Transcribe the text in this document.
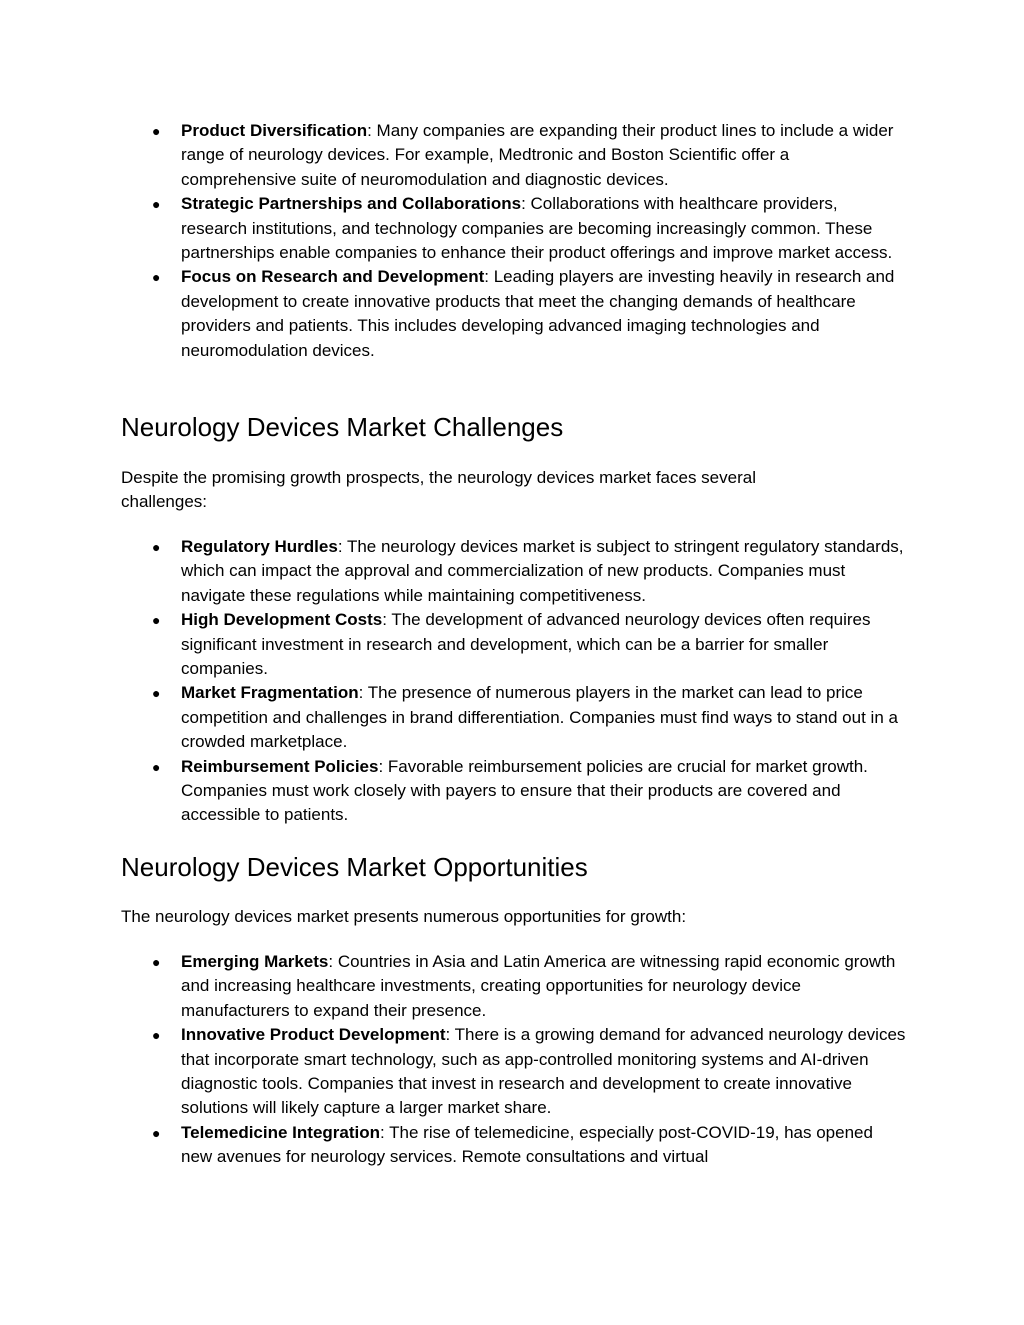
● Product Diversification: Many companies are expanding their product lines to include a wider range of neurology devices. For example, Medtronic and Boston Scientific offer a comprehensive suite of neuromodulation and diagnostic devices.
● Strategic Partnerships and Collaborations: Collaborations with healthcare providers, research institutions, and technology companies are becoming increasingly common. These partnerships enable companies to enhance their product offerings and improve market access.
● Focus on Research and Development: Leading players are investing heavily in research and development to create innovative products that meet the changing demands of healthcare providers and patients. This includes developing advanced imaging technologies and neuromodulation devices.
Neurology Devices Market Challenges

Despite the promising growth prospects, the neurology devices market faces several challenges:

● Regulatory Hurdles: The neurology devices market is subject to stringent regulatory standards, which can impact the approval and commercialization of new products. Companies must navigate these regulations while maintaining competitiveness.
● High Development Costs: The development of advanced neurology devices often requires significant investment in research and development, which can be a barrier for smaller companies.
● Market Fragmentation: The presence of numerous players in the market can lead to price competition and challenges in brand differentiation. Companies must find ways to stand out in a crowded marketplace.
● Reimbursement Policies: Favorable reimbursement policies are crucial for market growth. Companies must work closely with payers to ensure that their products are covered and accessible to patients.
Neurology Devices Market Opportunities

The neurology devices market presents numerous opportunities for growth:

● Emerging Markets: Countries in Asia and Latin America are witnessing rapid economic growth and increasing healthcare investments, creating opportunities for neurology device manufacturers to expand their presence.
● Innovative Product Development: There is a growing demand for advanced neurology devices that incorporate smart technology, such as app-controlled monitoring systems and AI-driven diagnostic tools. Companies that invest in research and development to create innovative solutions will likely capture a larger market share.
● Telemedicine Integration: The rise of telemedicine, especially post-COVID-19, has opened new avenues for neurology services. Remote consultations and virtual
